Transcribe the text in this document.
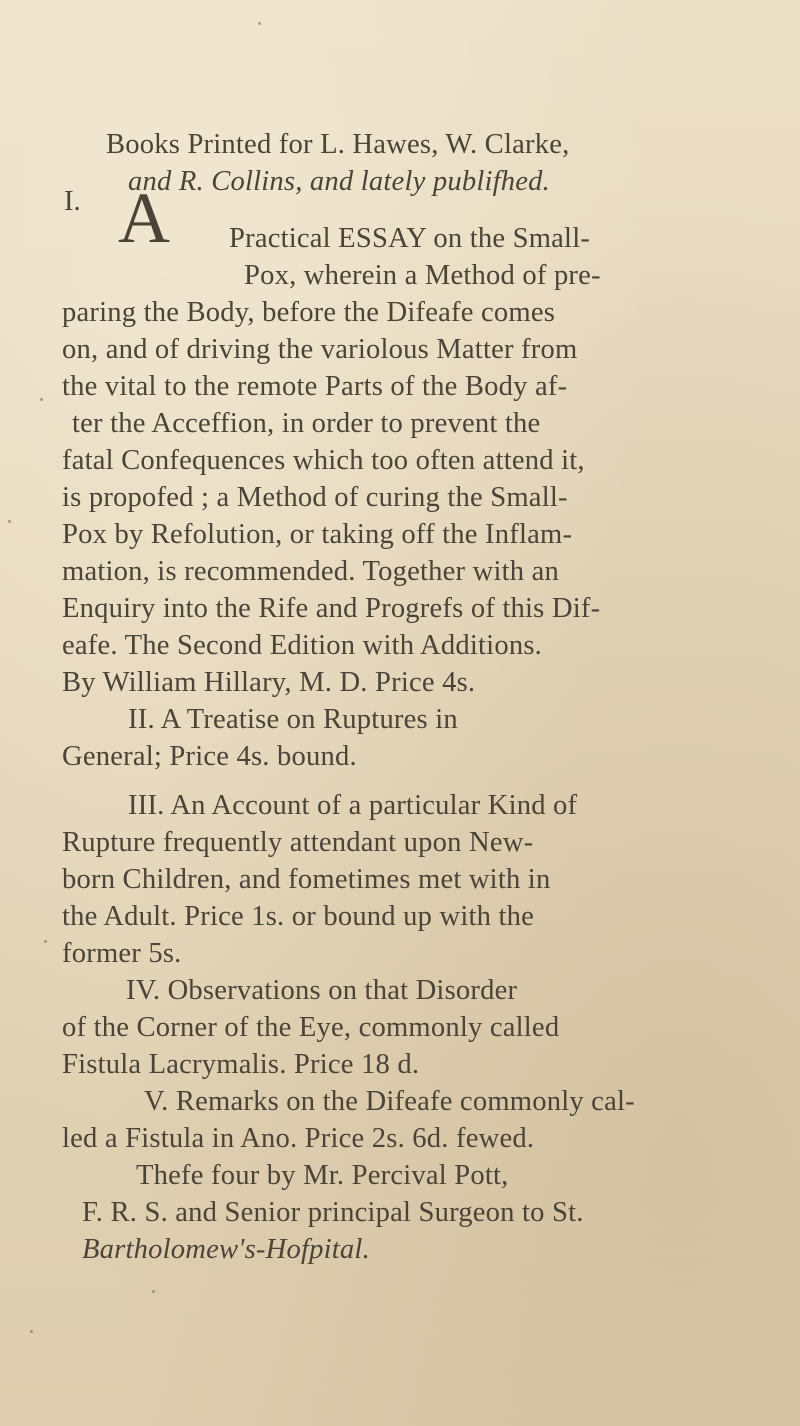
I. A
Books Printed for L. Hawes, W. Clarke,
and R. Collins, and lately publifhed.
Practical ESSAY on the Small-
Pox, wherein a Method of pre-
paring the Body, before the Difeafe comes
on, and of driving the variolous Matter from
the vital to the remote Parts of the Body af-
ter the Acceffion, in order to prevent the
fatal Confequences which too often attend it,
is propofed ; a Method of curing the Small-
Pox by Refolution, or taking off the Inflam-
mation, is recommended. Together with an
Enquiry into the Rife and Progrefs of this Dif-
eafe. The Second Edition with Additions.
By William Hillary, M. D. Price 4s.
II. A Treatise on Ruptures in
General; Price 4s. bound.
III. An Account of a particular Kind of
Rupture frequently attendant upon New-
born Children, and fometimes met with in
the Adult. Price 1s. or bound up with the
former 5s.
IV. Observations on that Disorder
of the Corner of the Eye, commonly called
Fistula Lacrymalis. Price 18 d.
V. Remarks on the Difeafe commonly cal-
led a Fistula in Ano. Price 2s. 6d. fewed.
Thefe four by Mr. Percival Pott,
F. R. S. and Senior principal Surgeon to St.
Bartholomew's-Hofpital.
